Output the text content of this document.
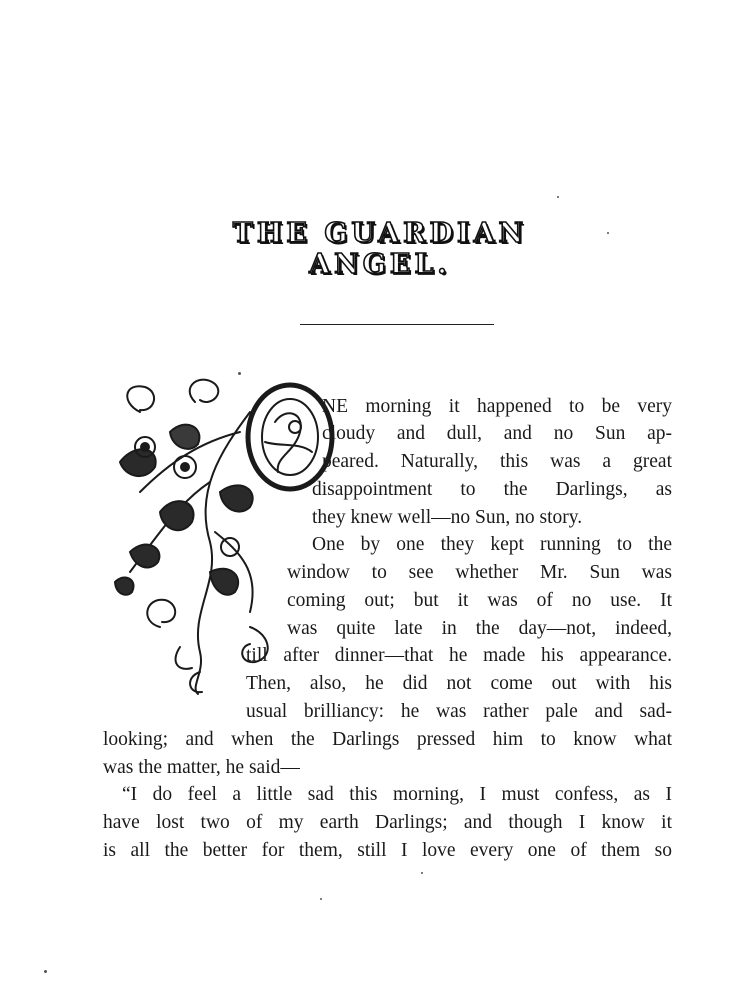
THE GUARDIAN ANGEL.
NE morning it happened to be very
cloudy and dull, and no Sun ap-
peared. Naturally, this was a great
disappointment to the Darlings, as
they knew well—no Sun, no story.
One by one they kept running to the
window to see whether Mr. Sun was
coming out; but it was of no use. It
was quite late in the day—not, indeed,
till after dinner—that he made his appearance.
Then, also, he did not come out with his
usual brilliancy: he was rather pale and sad-
looking; and when the Darlings pressed him to know what
was the matter, he said—
“I do feel a little sad this morning, I must confess, as I
have lost two of my earth Darlings; and though I know it
is all the better for them, still I love every one of them so
